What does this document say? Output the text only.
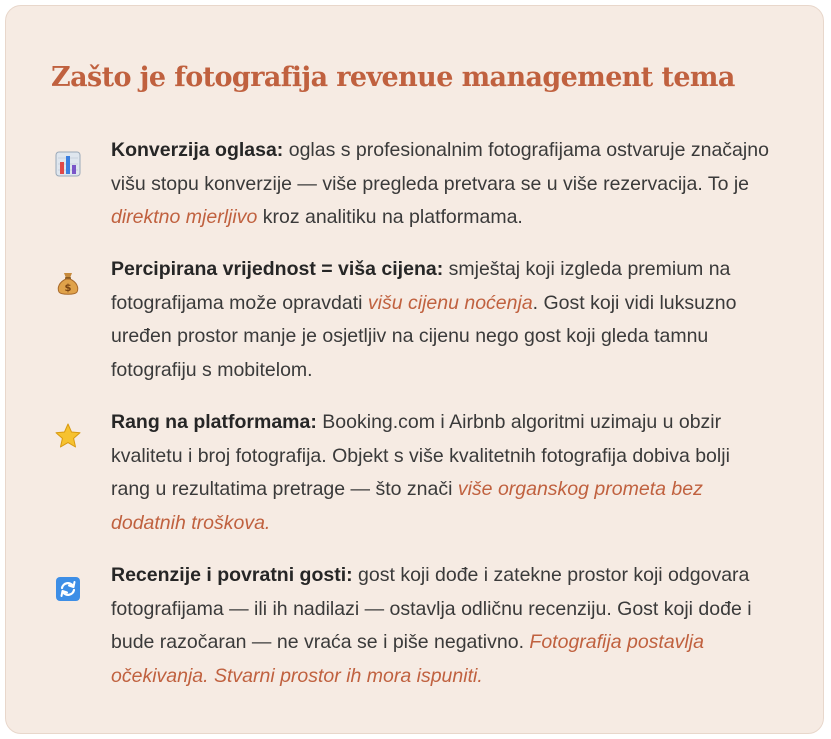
Zašto je fotografija revenue management tema

Konverzija oglasa: oglas s profesionalnim fotografijama ostvaruje značajno višu stopu konverzije — više pregleda pretvara se u više rezervacija. To je direktno mjerljivo kroz analitiku na platformama.

$

Percipirana vrijednost = viša cijena: smještaj koji izgleda premium na fotografijama može opravdati višu cijenu noćenja. Gost koji vidi luksuzno uređen prostor manje je osjetljiv na cijenu nego gost koji gleda tamnu fotografiju s mobitelom.

Rang na platformama: Booking.com i Airbnb algoritmi uzimaju u obzir kvalitetu i broj fotografija. Objekt s više kvalitetnih fotografija dobiva bolji rang u rezultatima pretrage — što znači više organskog prometa bez dodatnih troškova.

Recenzije i povratni gosti: gost koji dođe i zatekne prostor koji odgovara fotografijama — ili ih nadilazi — ostavlja odličnu recenziju. Gost koji dođe i bude razočaran — ne vraća se i piše negativno. Fotografija postavlja očekivanja. Stvarni prostor ih mora ispuniti.
